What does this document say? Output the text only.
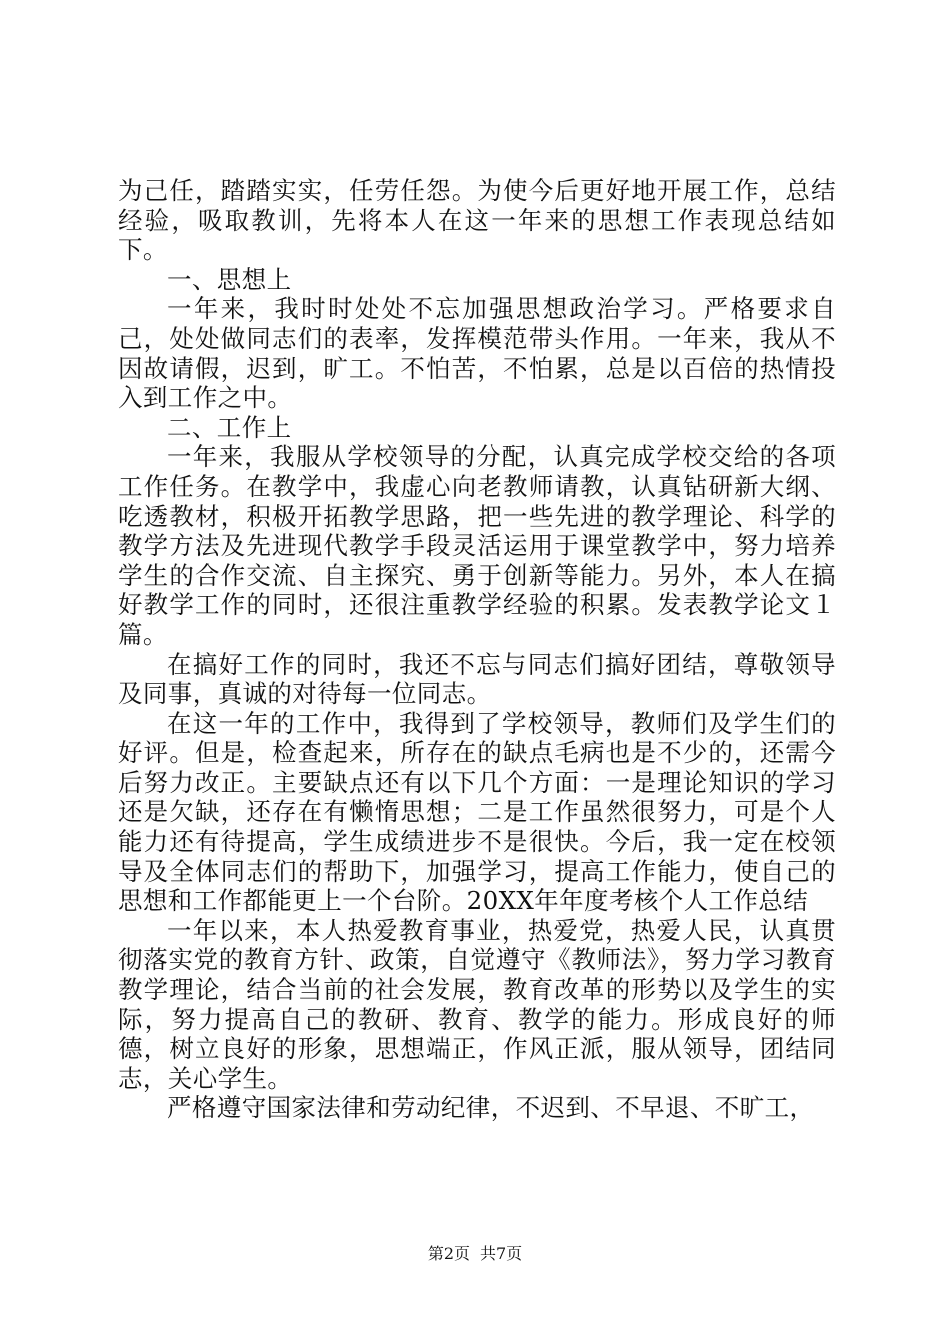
为己任，踏踏实实，任劳任怨。为使今后更好地开展工作，总结经验，吸取教训，先将本人在这一年来的思想工作表现总结如下。

一、思想上

一年来，我时时处处不忘加强思想政治学习。严格要求自己，处处做同志们的表率，发挥模范带头作用。一年来，我从不因故请假，迟到，旷工。不怕苦，不怕累，总是以百倍的热情投入到工作之中。

二、工作上

一年来，我服从学校领导的分配，认真完成学校交给的各项工作任务。在教学中，我虚心向老教师请教，认真钻研新大纲、吃透教材，积极开拓教学思路，把一些先进的教学理论、科学的教学方法及先进现代教学手段灵活运用于课堂教学中，努力培养学生的合作交流、自主探究、勇于创新等能力。另外，本人在搞好教学工作的同时，还很注重教学经验的积累。发表教学论文１篇。

在搞好工作的同时，我还不忘与同志们搞好团结，尊敬领导及同事，真诚的对待每一位同志。

在这一年的工作中，我得到了学校领导，教师们及学生们的好评。但是，检查起来，所存在的缺点毛病也是不少的，还需今后努力改正。主要缺点还有以下几个方面：一是理论知识的学习还是欠缺，还存在有懒惰思想；二是工作虽然很努力，可是个人能力还有待提高，学生成绩进步不是很快。今后，我一定在校领导及全体同志们的帮助下，加强学习，提高工作能力，使自己的思想和工作都能更上一个台阶。20XX年年度考核个人工作总结

一年以来，本人热爱教育事业，热爱党，热爱人民，认真贯彻落实党的教育方针、政策，自觉遵守《教师法》，努力学习教育教学理论，结合当前的社会发展，教育改革的形势以及学生的实际，努力提高自己的教研、教育、教学的能力。形成良好的师德，树立良好的形象，思想端正，作风正派，服从领导，团结同志，关心学生。

严格遵守国家法律和劳动纪律，不迟到、不早退、不旷工，

第2页 共7页
